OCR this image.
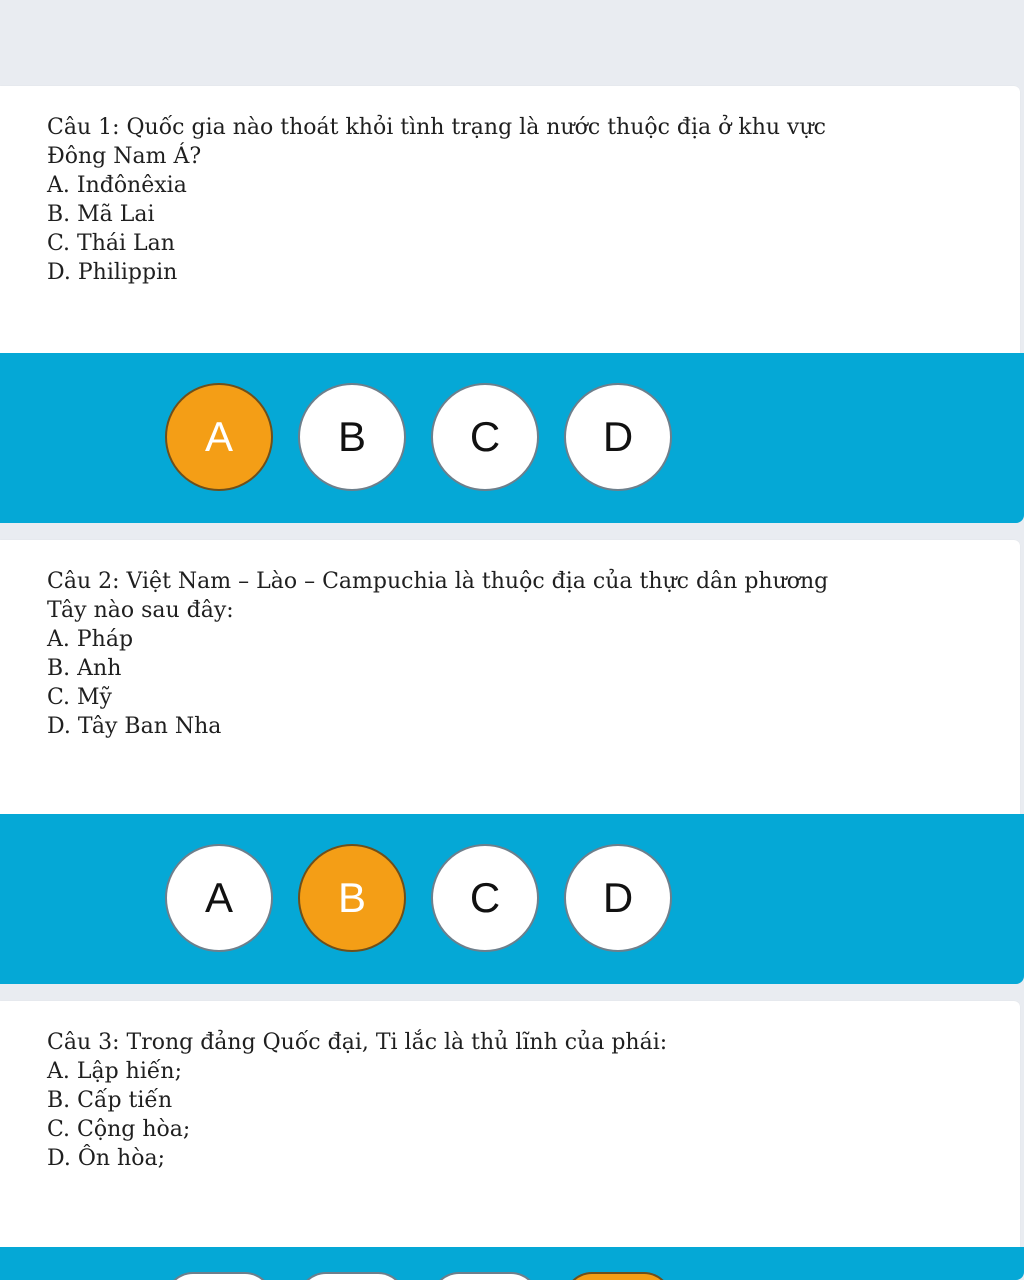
Câu 1: Quốc gia nào thoát khỏi tình trạng là nước thuộc địa ở khu vực
Đông Nam Á?

A. Inđônêxia

B. Mã Lai

C. Thái Lan

D. Philippin

A	B	C	D

Câu 2: Việt Nam – Lào – Campuchia là thuộc địa của thực dân phương
Tây nào sau đây:

A. Pháp

B. Anh

C. Mỹ

D. Tây Ban Nha

A	B	C	D

Câu 3: Trong đảng Quốc đại, Ti lắc là thủ lĩnh của phái:

A. Lập hiến;

B. Cấp tiến

C. Cộng hòa;

D. Ôn hòa;
